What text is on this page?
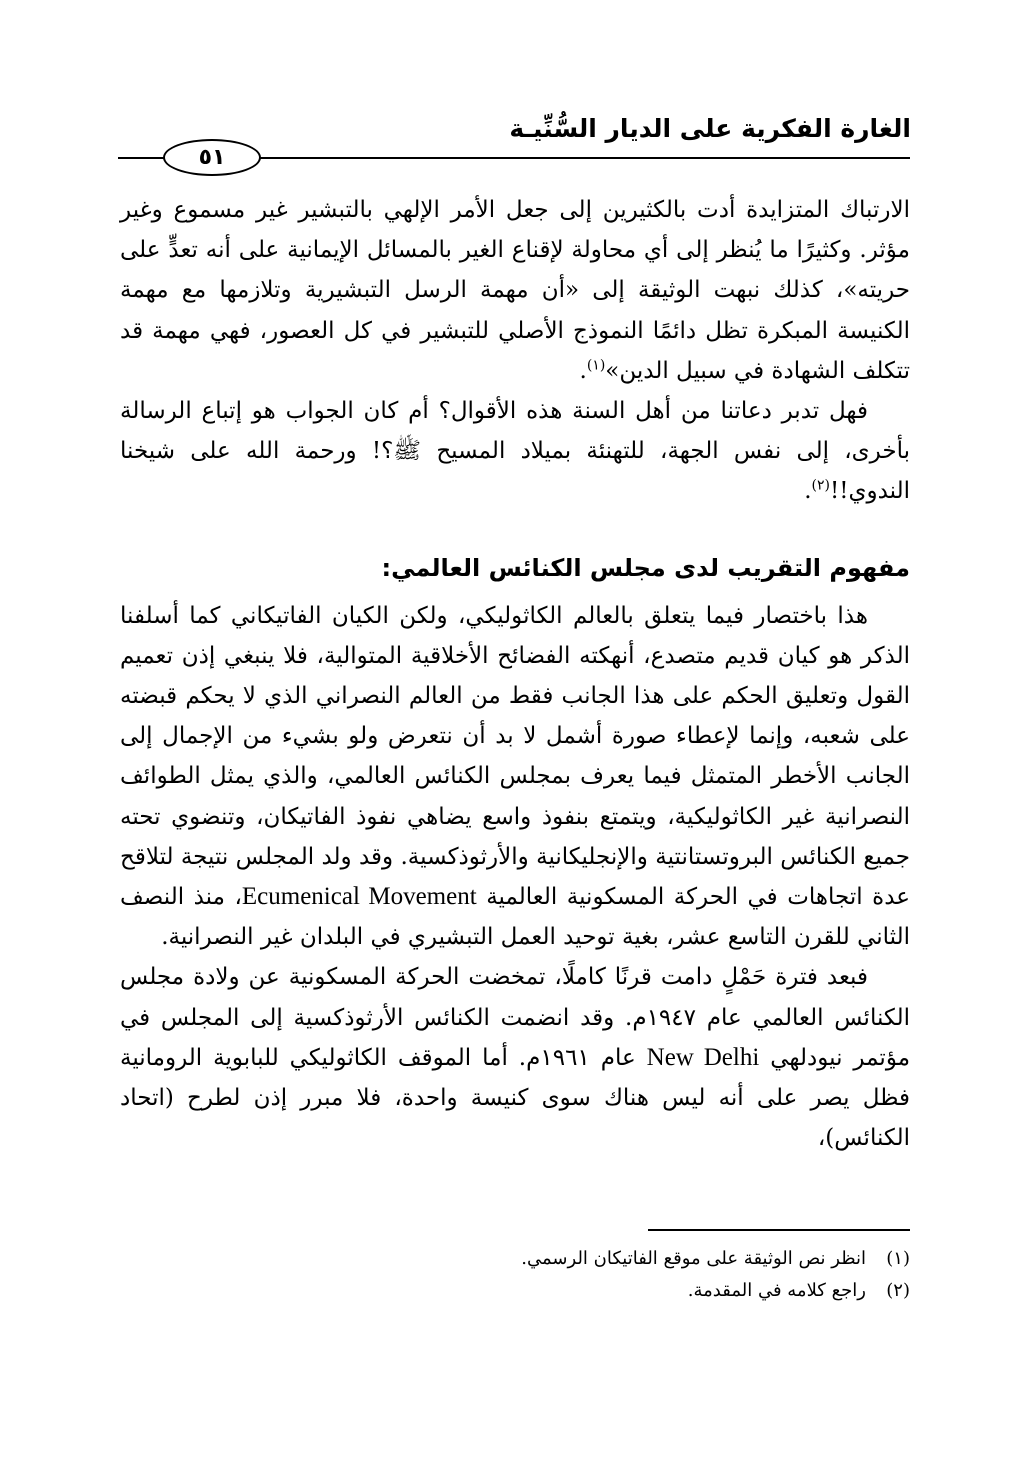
الغارة الفكرية على الديار السُّنِّيـة
٥١

الارتباك المتزايدة أدت بالكثيرين إلى جعل الأمر الإلهي بالتبشير غير مسموع وغير مؤثر. وكثيرًا ما يُنظر إلى أي محاولة لإقناع الغير بالمسائل الإيمانية على أنه تعدٍّ على حريته»، كذلك نبهت الوثيقة إلى «أن مهمة الرسل التبشيرية وتلازمها مع مهمة الكنيسة المبكرة تظل دائمًا النموذج الأصلي للتبشير في كل العصور، فهي مهمة قد تتكلف الشهادة في سبيل الدين»$^{(١)}$.

فهل تدبر دعاتنا من أهل السنة هذه الأقوال؟ أم كان الجواب هو إتباع الرسالة بأخرى، إلى نفس الجهة، للتهنئة بميلاد المسيح ﷺ؟! ورحمة الله على شيخنا الندوي!!$^{(٢)}$.

مفهوم التقريب لدى مجلس الكنائس العالمي:

هذا باختصار فيما يتعلق بالعالم الكاثوليكي، ولكن الكيان الفاتيكاني كما أسلفنا الذكر هو كيان قديم متصدع، أنهكته الفضائح الأخلاقية المتوالية، فلا ينبغي إذن تعميم القول وتعليق الحكم على هذا الجانب فقط من العالم النصراني الذي لا يحكم قبضته على شعبه، وإنما لإعطاء صورة أشمل لا بد أن نتعرض ولو بشيء من الإجمال إلى الجانب الأخطر المتمثل فيما يعرف بمجلس الكنائس العالمي، والذي يمثل الطوائف النصرانية غير الكاثوليكية، ويتمتع بنفوذ واسع يضاهي نفوذ الفاتيكان، وتنضوي تحته جميع الكنائس البروتستانتية والإنجليكانية والأرثوذكسية. وقد ولد المجلس نتيجة لتلاقح عدة اتجاهات في الحركة المسكونية العالمية Ecumenical Movement، منذ النصف الثاني للقرن التاسع عشر، بغية توحيد العمل التبشيري في البلدان غير النصرانية.

فبعد فترة حَمْلٍ دامت قرنًا كاملًا، تمخضت الحركة المسكونية عن ولادة مجلس الكنائس العالمي عام ١٩٤٧م. وقد انضمت الكنائس الأرثوذكسية إلى المجلس في مؤتمر نيودلهي New Delhi عام ١٩٦١م. أما الموقف الكاثوليكي للبابوية الرومانية فظل يصر على أنه ليس هناك سوى كنيسة واحدة، فلا مبرر إذن لطرح (اتحاد الكنائس)،

(١)انظر نص الوثيقة على موقع الفاتيكان الرسمي.
(٢)راجع كلامه في المقدمة.
